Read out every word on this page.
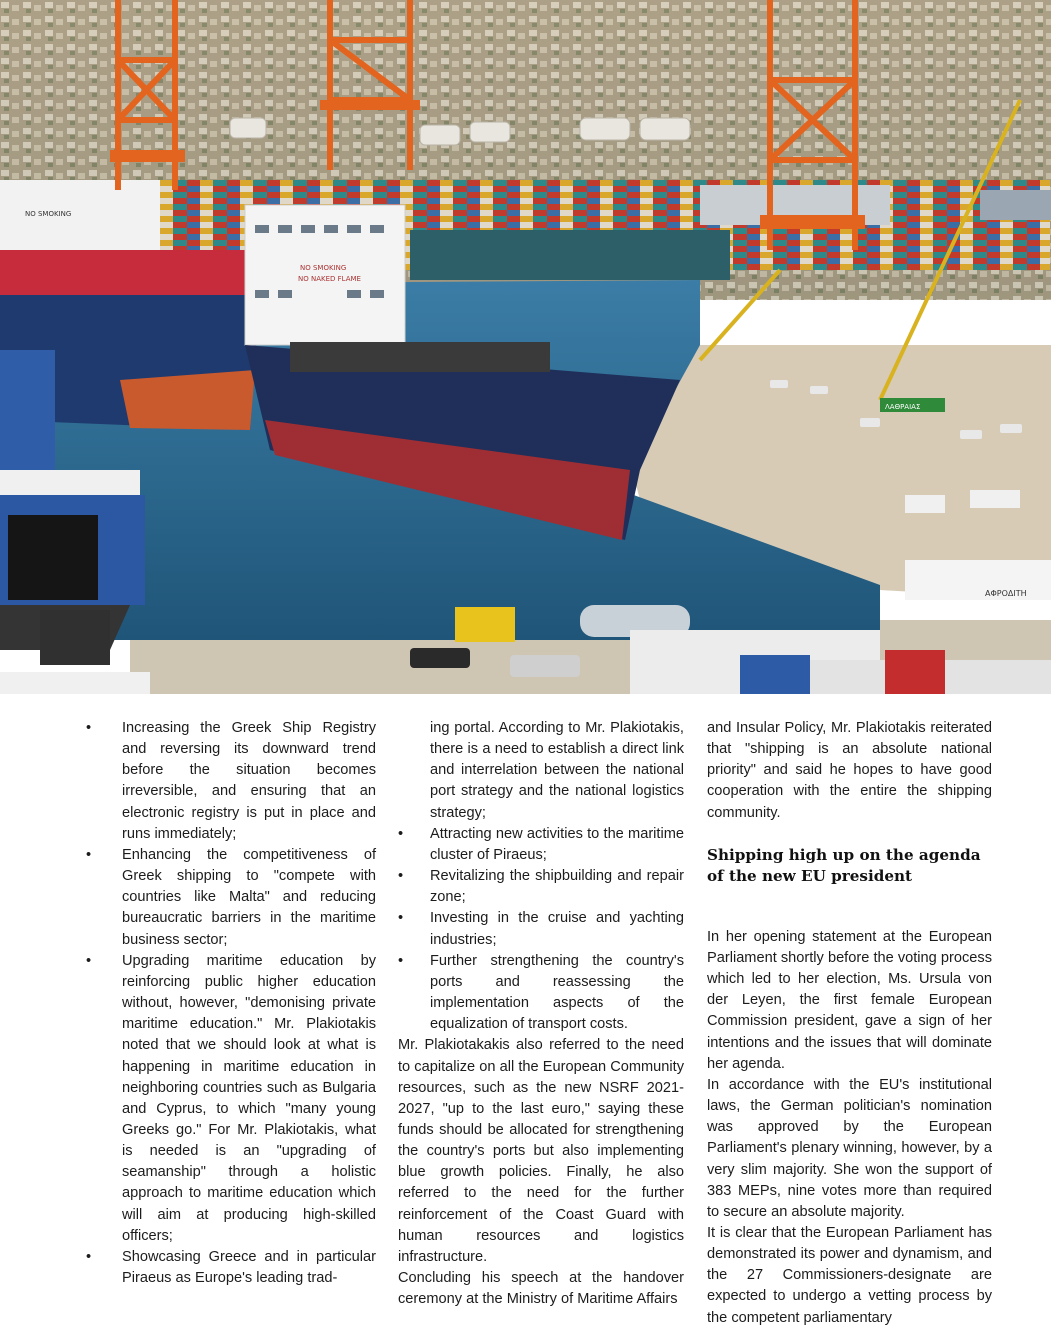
NO SMOKING
NO SMOKING
NO NAKED FLAME
ΑΦΡΟΔΙΤΗ
ΛΑΘΡΑΙΑΣ
•	Increasing the Greek Ship Registry and reversing its downward trend before the situation becomes irreversible, and ensuring that an electronic registry is put in place and runs immediately;
•	Enhancing the competitiveness of Greek shipping to "compete with countries like Malta" and reducing bureaucratic barriers in the maritime business sector;
•	Upgrading maritime education by reinforcing public higher education without, however, "demonising private maritime education." Mr. Plakiotakis noted that we should look at what is happening in maritime education in neighboring countries such as Bulgaria and Cyprus, to which "many young Greeks go." For Mr. Plakiotakis, what is needed is an "upgrading of seamanship" through a holistic approach to maritime education which will aim at producing high-skilled officers;
•	Showcasing Greece and in particular Piraeus as Europe's leading trad-

ing portal. According to Mr. Plakiotakis, there is a need to establish a direct link and interrelation between the national port strategy and the national logistics strategy;

•	Attracting new activities to the maritime cluster of Piraeus;
•	Revitalizing the shipbuilding and repair zone;
•	Investing in the cruise and yachting industries;
•	Further strengthening the country's ports and reassessing the implementation aspects of the equalization of transport costs.

Mr. Plakiotakakis also referred to the need to capitalize on all the European Community resources, such as the new NSRF 2021-2027, "up to the last euro," saying these funds should be allocated for strengthening the country's ports but also implementing blue growth policies. Finally, he also referred to the need for the further reinforcement of the Coast Guard with human resources and logistics infrastructure.

Concluding his speech at the handover ceremony at the Ministry of Maritime Affairs

and Insular Policy, Mr. Plakiotakis reiterated that "shipping is an absolute national priority" and said he hopes to have good cooperation with the entire the shipping community.

Shipping high up on the agenda of the new EU president

In her opening statement at the European Parliament shortly before the voting process which led to her election, Ms. Ursula von der Leyen, the first female European Commission president, gave a sign of her intentions and the issues that will dominate her agenda.

In accordance with the EU's institutional laws, the German politician's nomination was approved by the European Parliament's plenary winning, however, by a very slim majority. She won the support of 383 MEPs, nine votes more than required to secure an absolute majority.

It is clear that the European Parliament has demonstrated its power and dynamism, and the 27 Commissioners-designate are expected to undergo a vetting process by the competent parliamentary
